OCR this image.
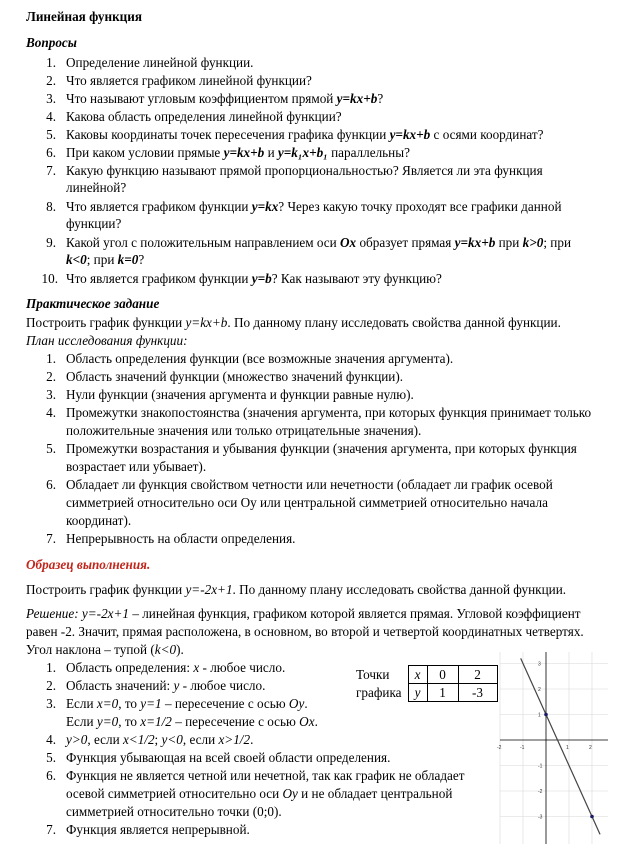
Линейная функция
Вопросы
1. Определение линейной функции.
2. Что является графиком линейной функции?
3. Что называют угловым коэффициентом прямой y=kx+b?
4. Какова область определения линейной функции?
5. Каковы координаты точек пересечения графика функции y=kx+b с осями координат?
6. При каком условии прямые y=kx+b и y=k₁x+b₁ параллельны?
7. Какую функцию называют прямой пропорциональностью? Является ли эта функция
линейной?
8. Что является графиком функции y=kx? Через какую точку проходят все графики данной
функции?
9. Какой угол с положительным направлением оси Ox образует прямая y=kx+b при k>0; при
k<0; при k=0?
10. Что является графиком функции y=b? Как называют эту функцию?
Практическое задание
Построить график функции y=kx+b. По данному плану исследовать свойства данной функции.
План исследования функции:
1. Область определения функции (все возможные значения аргумента).
2. Область значений функции (множество значений функции).
3. Нули функции (значения аргумента и функции равные нулю).
4. Промежутки знакопостоянства (значения аргумента, при которых функция принимает только
положительные значения или только отрицательные значения).
5. Промежутки возрастания и убывания функции (значения аргумента, при которых функция
возрастает или убывает).
6. Обладает ли функция свойством четности или нечетности (обладает ли график осевой
симметрией относительно оси Oy или центральной симметрией относительно начала
координат).
7. Непрерывность на области определения.
Образец выполнения.
Построить график функции y=-2x+1. По данному плану исследовать свойства данной функции.
Решение: y=-2x+1 – линейная функция, графиком которой является прямая. Угловой коэффициент
равен -2. Значит, прямая расположена, в основном, во второй и четвертой координатных четвертях.
Угол наклона – тупой (k<0).
1. Область определения: x - любое число.
2. Область значений: y - любое число.
3. Если x=0, то y=1 – пересечение с осью Oy.
Если y=0, то x=1/2 – пересечение с осью Ox.
4. y>0, если x<1/2; y<0, если x>1/2.
5. Функция убывающая на всей своей области определения.
6. Функция не является четной или нечетной, так как график не обладает
осевой симметрией относительно оси Oy и не обладает центральной
симметрией относительно точки (0;0).
7. Функция является непрерывной.
Точки	x	0	2
графика	y	1	-3
-2	-1	1	2
3
2
1
-1
-2
-3
